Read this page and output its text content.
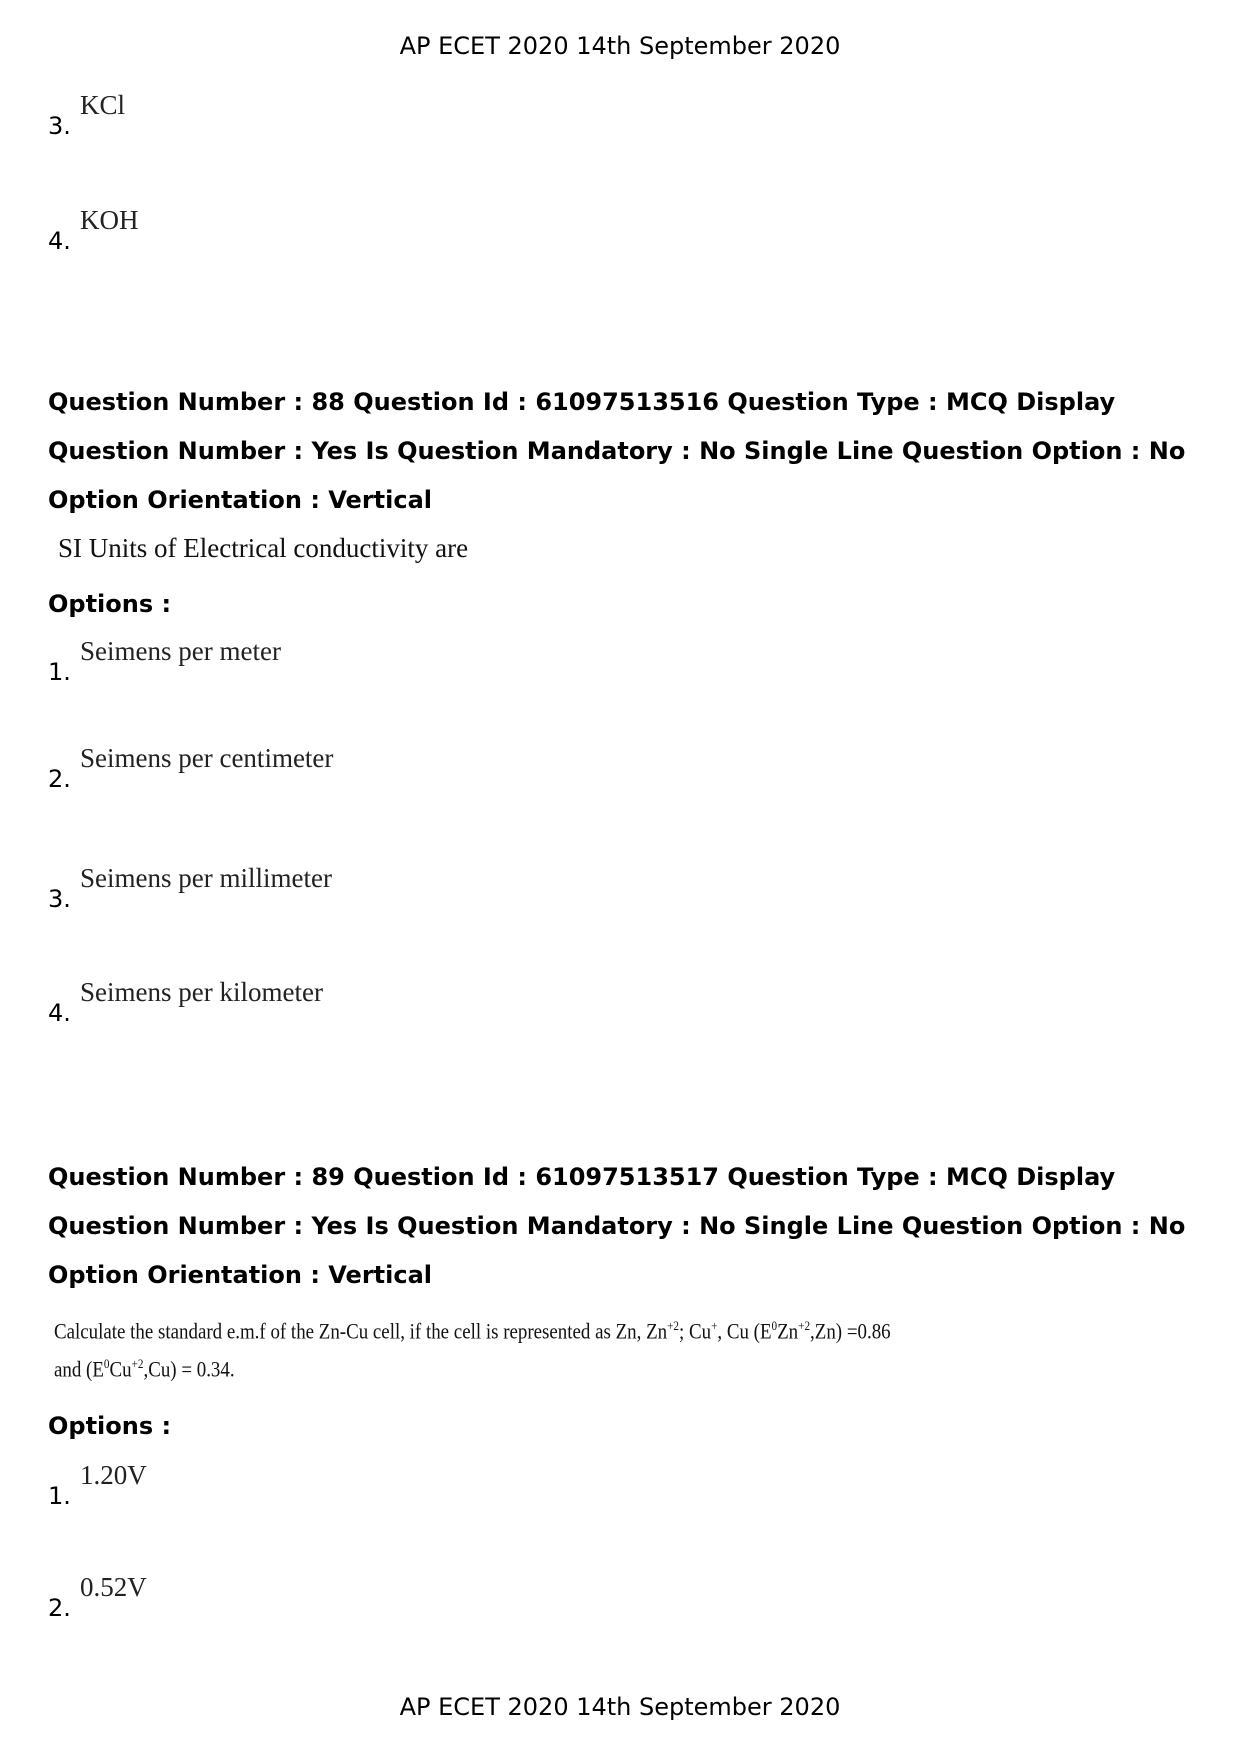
AP ECET 2020 14th September 2020
3.
KCl
4.
KOH
Question Number : 88 Question Id : 61097513516 Question Type : MCQ Display Question Number : Yes Is Question Mandatory : No Single Line Question Option : No Option Orientation : Vertical
SI Units of Electrical conductivity are
Options :
1.
Seimens per meter
2.
Seimens per centimeter
3.
Seimens per millimeter
4.
Seimens per kilometer
Question Number : 89 Question Id : 61097513517 Question Type : MCQ Display Question Number : Yes Is Question Mandatory : No Single Line Question Option : No Option Orientation : Vertical
Calculate the standard e.m.f of the Zn-Cu cell, if the cell is represented as Zn, $Zn^{+2}$; Cu+, Cu $(E^0Zn^{+2},Zn) =0.86$
and $(E^0Cu^{+2},Cu) = 0.34$.
Options :
1.
1.20V
2.
0.52V
AP ECET 2020 14th September 2020
